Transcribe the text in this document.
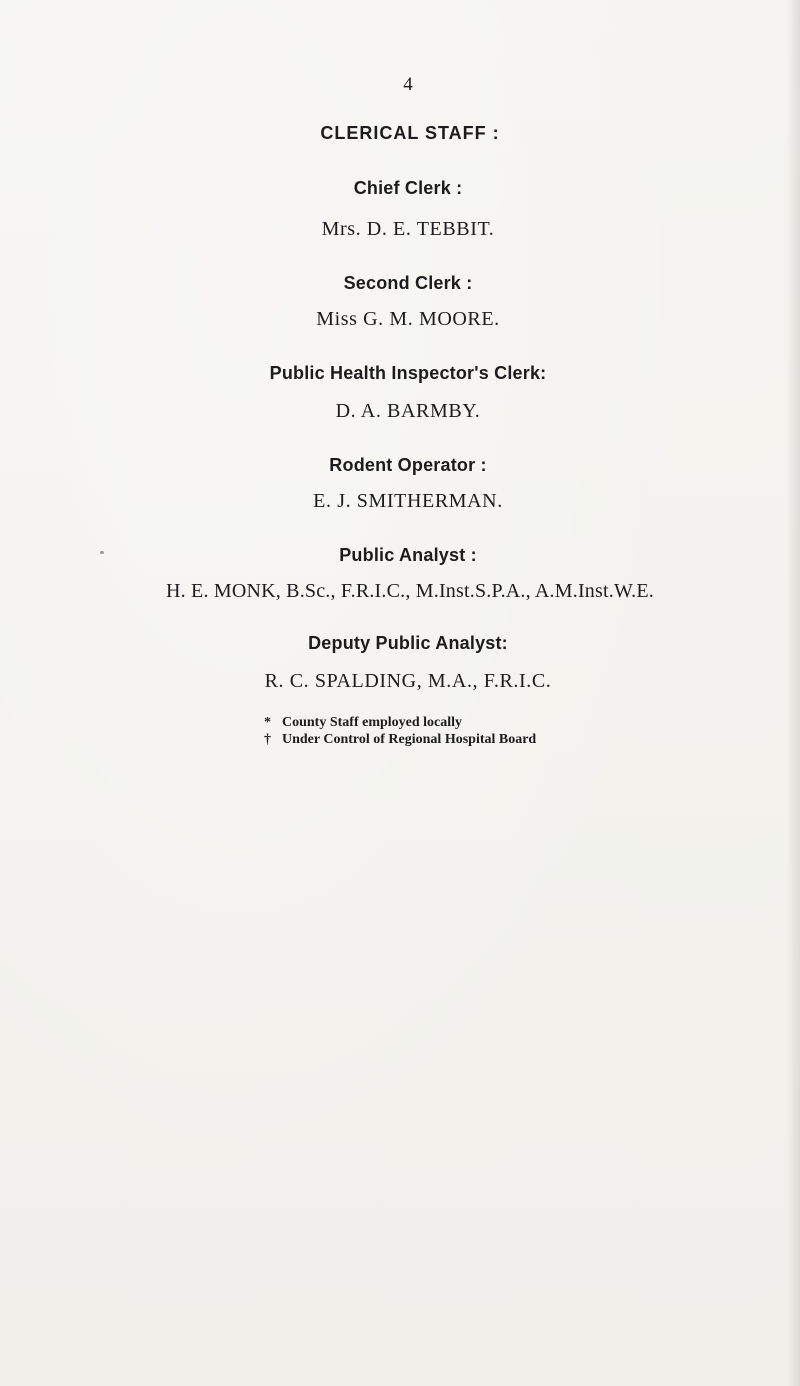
4

CLERICAL STAFF :

Chief Clerk :

Mrs. D. E. TEBBIT.

Second Clerk :

Miss G. M. MOORE.

Public Health Inspector's Clerk:

D. A. BARMBY.

Rodent Operator :

E. J. SMITHERMAN.

Public Analyst :

H. E. MONK, B.Sc., F.R.I.C., M.Inst.S.P.A., A.M.Inst.W.E.

Deputy Public Analyst:

R. C. SPALDING, M.A., F.R.I.C.

* County Staff employed locally
† Under Control of Regional Hospital Board
